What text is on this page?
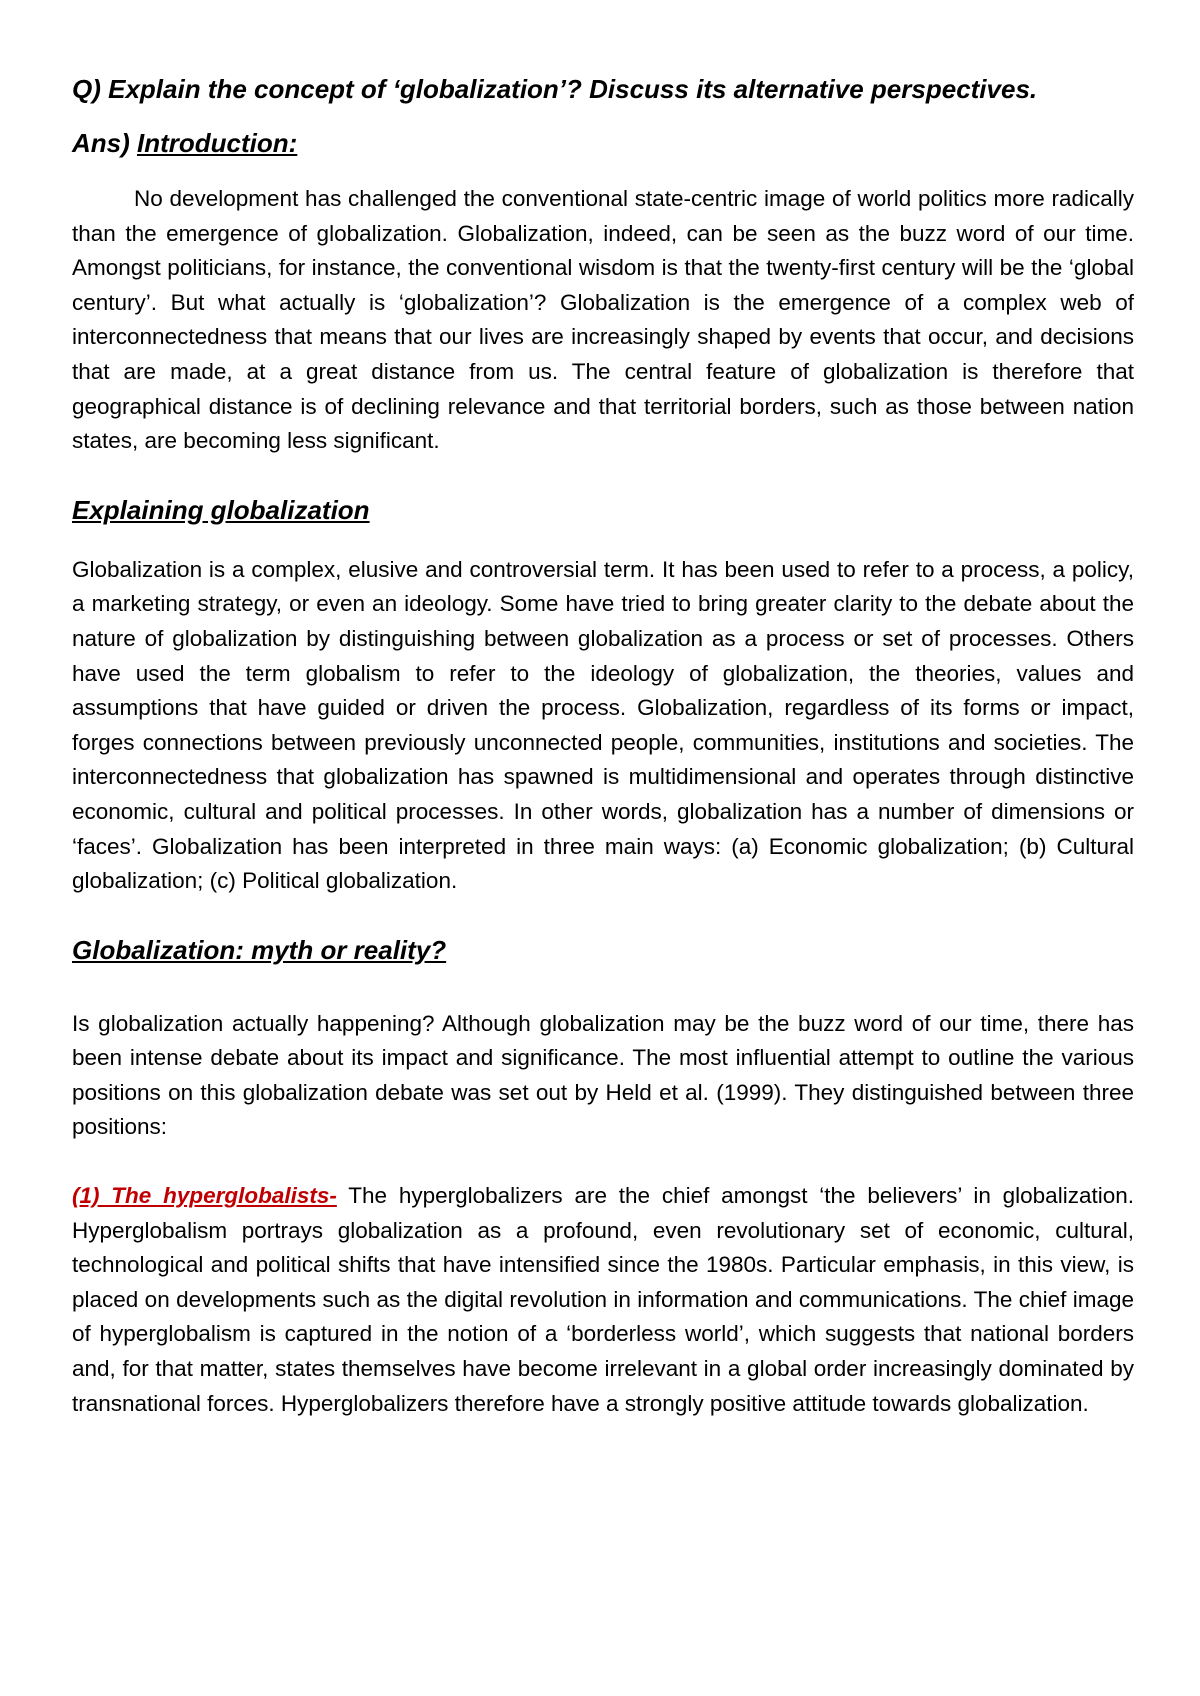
Q) Explain the concept of ‘globalization’? Discuss its alternative perspectives.

Ans) Introduction:

No development has challenged the conventional state-centric image of world politics more radically than the emergence of globalization. Globalization, indeed, can be seen as the buzz word of our time. Amongst politicians, for instance, the conventional wisdom is that the twenty-first century will be the ‘global century’. But what actually is ‘globalization’? Globalization is the emergence of a complex web of interconnectedness that means that our lives are increasingly shaped by events that occur, and decisions that are made, at a great distance from us. The central feature of globalization is therefore that geographical distance is of declining relevance and that territorial borders, such as those between nation states, are becoming less significant.

Explaining globalization

Globalization is a complex, elusive and controversial term. It has been used to refer to a process, a policy, a marketing strategy, or even an ideology. Some have tried to bring greater clarity to the debate about the nature of globalization by distinguishing between globalization as a process or set of processes. Others have used the term globalism to refer to the ideology of globalization, the theories, values and assumptions that have guided or driven the process. Globalization, regardless of its forms or impact, forges connections between previously unconnected people, communities, institutions and societies. The interconnectedness that globalization has spawned is multidimensional and operates through distinctive economic, cultural and political processes. In other words, globalization has a number of dimensions or ‘faces’. Globalization has been interpreted in three main ways: (a) Economic globalization; (b) Cultural globalization; (c) Political globalization.

Globalization: myth or reality?

Is globalization actually happening? Although globalization may be the buzz word of our time, there has been intense debate about its impact and significance. The most influential attempt to outline the various positions on this globalization debate was set out by Held et al. (1999). They distinguished between three positions:

(1) The hyperglobalists- The hyperglobalizers are the chief amongst ‘the believers’ in globalization. Hyperglobalism portrays globalization as a profound, even revolutionary set of economic, cultural, technological and political shifts that have intensified since the 1980s. Particular emphasis, in this view, is placed on developments such as the digital revolution in information and communications. The chief image of hyperglobalism is captured in the notion of a ‘borderless world’, which suggests that national borders and, for that matter, states themselves have become irrelevant in a global order increasingly dominated by transnational forces. Hyperglobalizers therefore have a strongly positive attitude towards globalization.
